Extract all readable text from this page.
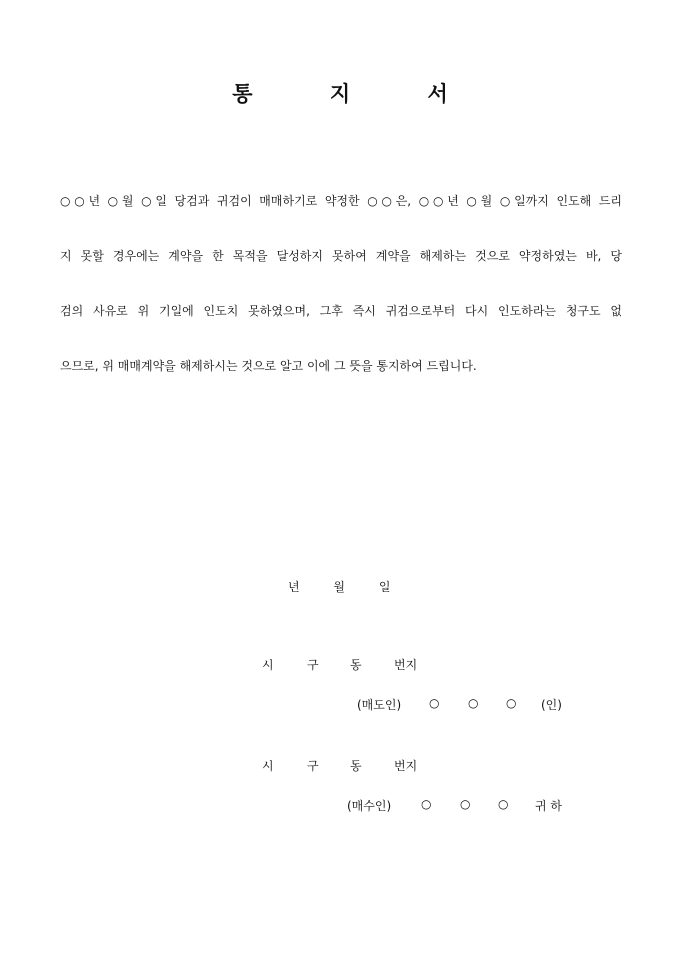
통	지	서
○○년 ○월 ○일 당검과 귀검이 매매하기로 약정한 ○○은, ○○년 ○월 ○일까지 인도해 드리
지 못할 경우에는 계약을 한 목적을 달성하지 못하여 계약을 해제하는 것으로 약정하였는 바, 당
검의 사유로 위 기일에 인도치 못하였으며, 그후 즉시 귀검으로부터 다시 인도하라는 청구도 없
으므로, 위 매매계약을 해제하시는 것으로 알고 이에 그 뜻을 통지하여 드립니다.
년	월	일
시	구	동	번지
(매도인) ○ ○ ○ (인)
시	구	동	번지
(매수인) ○ ○ ○ 귀 하
